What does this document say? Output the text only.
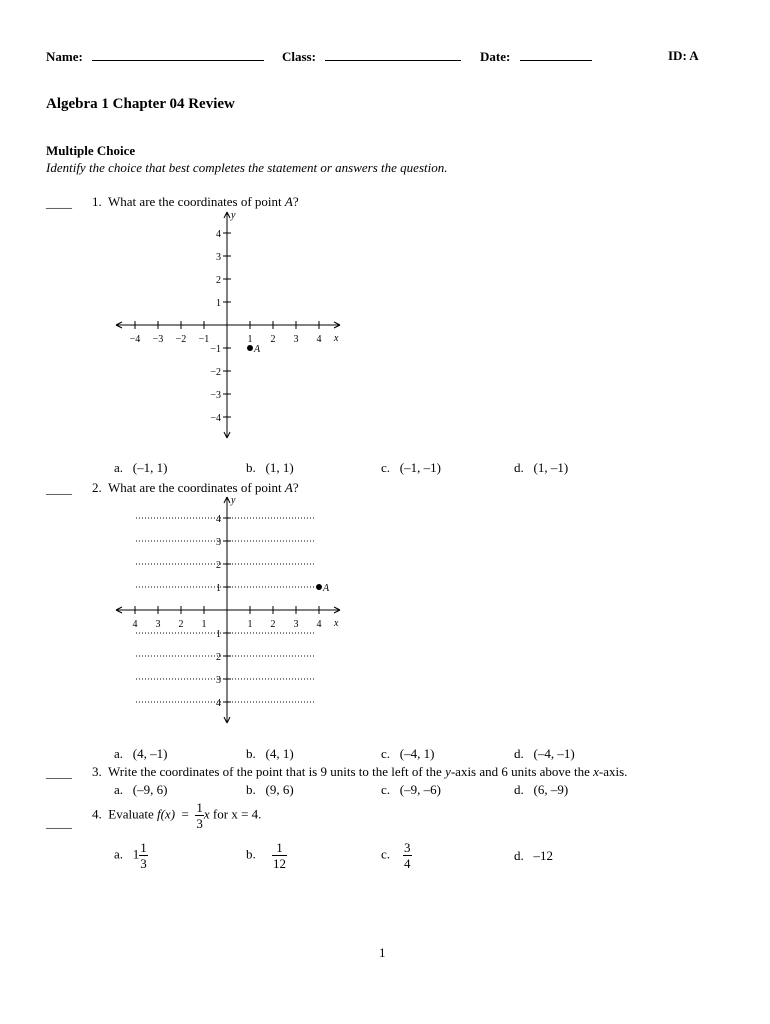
Name:	Class:	Date:	ID: A
Algebra 1 Chapter 04 Review
Multiple Choice
Identify the choice that best completes the statement or answers the question.
____ 1. What are the coordinates of point A?
−4 −3 −2 −1	1 2 3 4
4
3
2
1
−1
−2
−3
−4
x
y
A
a. (–1, 1)	b. (1, 1)	c. (–1, –1)	d. (1, –1)
____ 2. What are the coordinates of point A?
4 3 2 1	1 2 3 4
4
3
2
1
1
2
3
4
x
y
A
a. (4, –1)	b. (4, 1)	c. (–4, 1)	d. (–4, –1)
____ 3. Write the coordinates of the point that is 9 units to the left of the y-axis and 6 units above the x-axis.
a. (–9, 6)	b. (9, 6)	c. (–9, –6)	d. (6, –9)
____
4. Evaluate $f(x) = \frac{1}{3}$ x for x = 4.
a. $1 \frac{1}{3}$	b. $\frac{1}{12}$	c. $\frac{3}{4}$	d. –12
1
